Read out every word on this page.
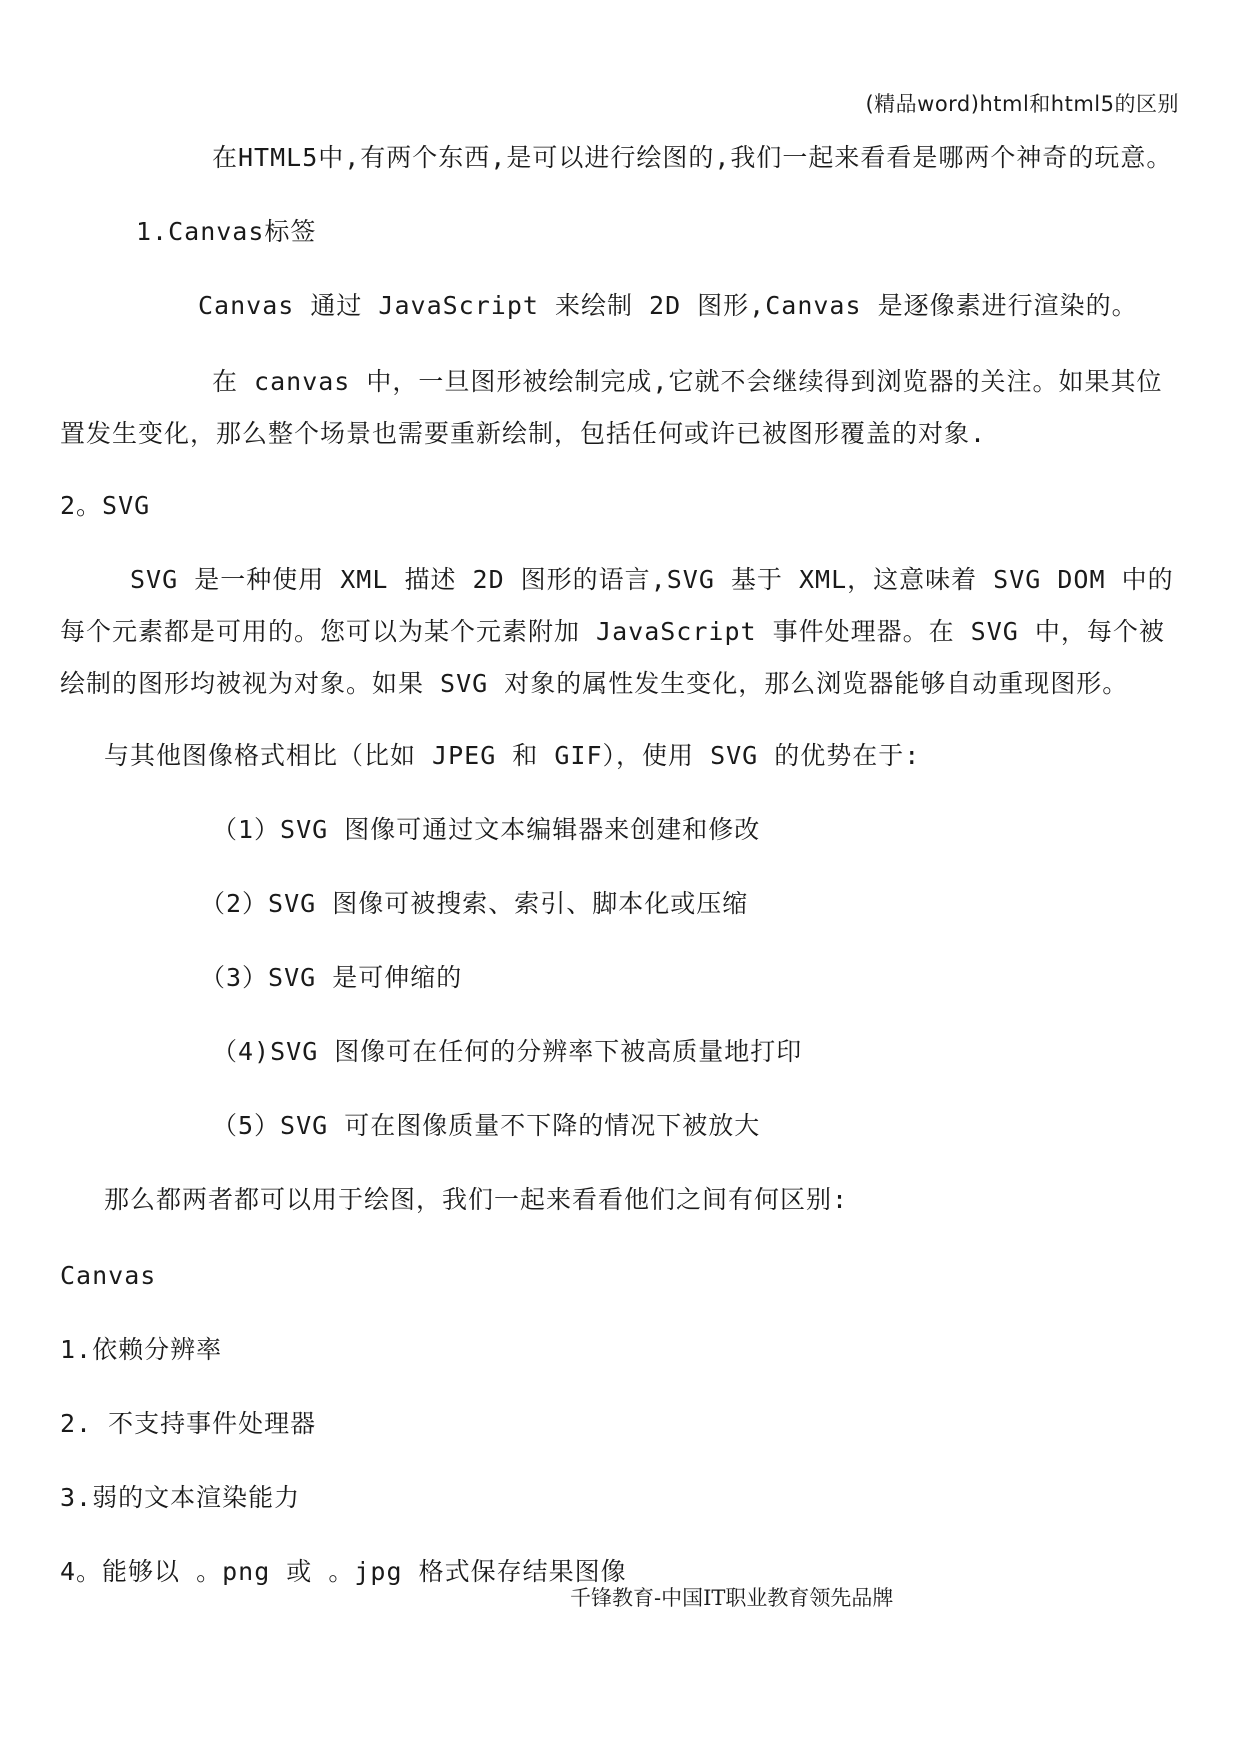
(精品word)html和html5的区别
在HTML5中,有两个东西,是可以进行绘图的,我们一起来看看是哪两个神奇的玩意。
1.Canvas标签
Canvas 通过 JavaScript 来绘制 2D 图形,Canvas 是逐像素进行渲染的。
在 canvas 中，一旦图形被绘制完成,它就不会继续得到浏览器的关注。如果其位置发生变化，那么整个场景也需要重新绘制，包括任何或许已被图形覆盖的对象.
2。SVG
SVG 是一种使用 XML 描述 2D 图形的语言,SVG 基于 XML，这意味着 SVG DOM 中的每个元素都是可用的。您可以为某个元素附加 JavaScript 事件处理器。在 SVG 中，每个被绘制的图形均被视为对象。如果 SVG 对象的属性发生变化，那么浏览器能够自动重现图形。
与其他图像格式相比（比如 JPEG 和 GIF），使用 SVG 的优势在于:
（1）SVG 图像可通过文本编辑器来创建和修改
（2）SVG 图像可被搜索、索引、脚本化或压缩
（3）SVG 是可伸缩的
（4)SVG 图像可在任何的分辨率下被高质量地打印
（5）SVG 可在图像质量不下降的情况下被放大
那么都两者都可以用于绘图，我们一起来看看他们之间有何区别:
Canvas
1.依赖分辨率
2. 不支持事件处理器
3.弱的文本渲染能力
4。能够以 。png 或 。jpg 格式保存结果图像
千锋教育-中国IT职业教育领先品牌
